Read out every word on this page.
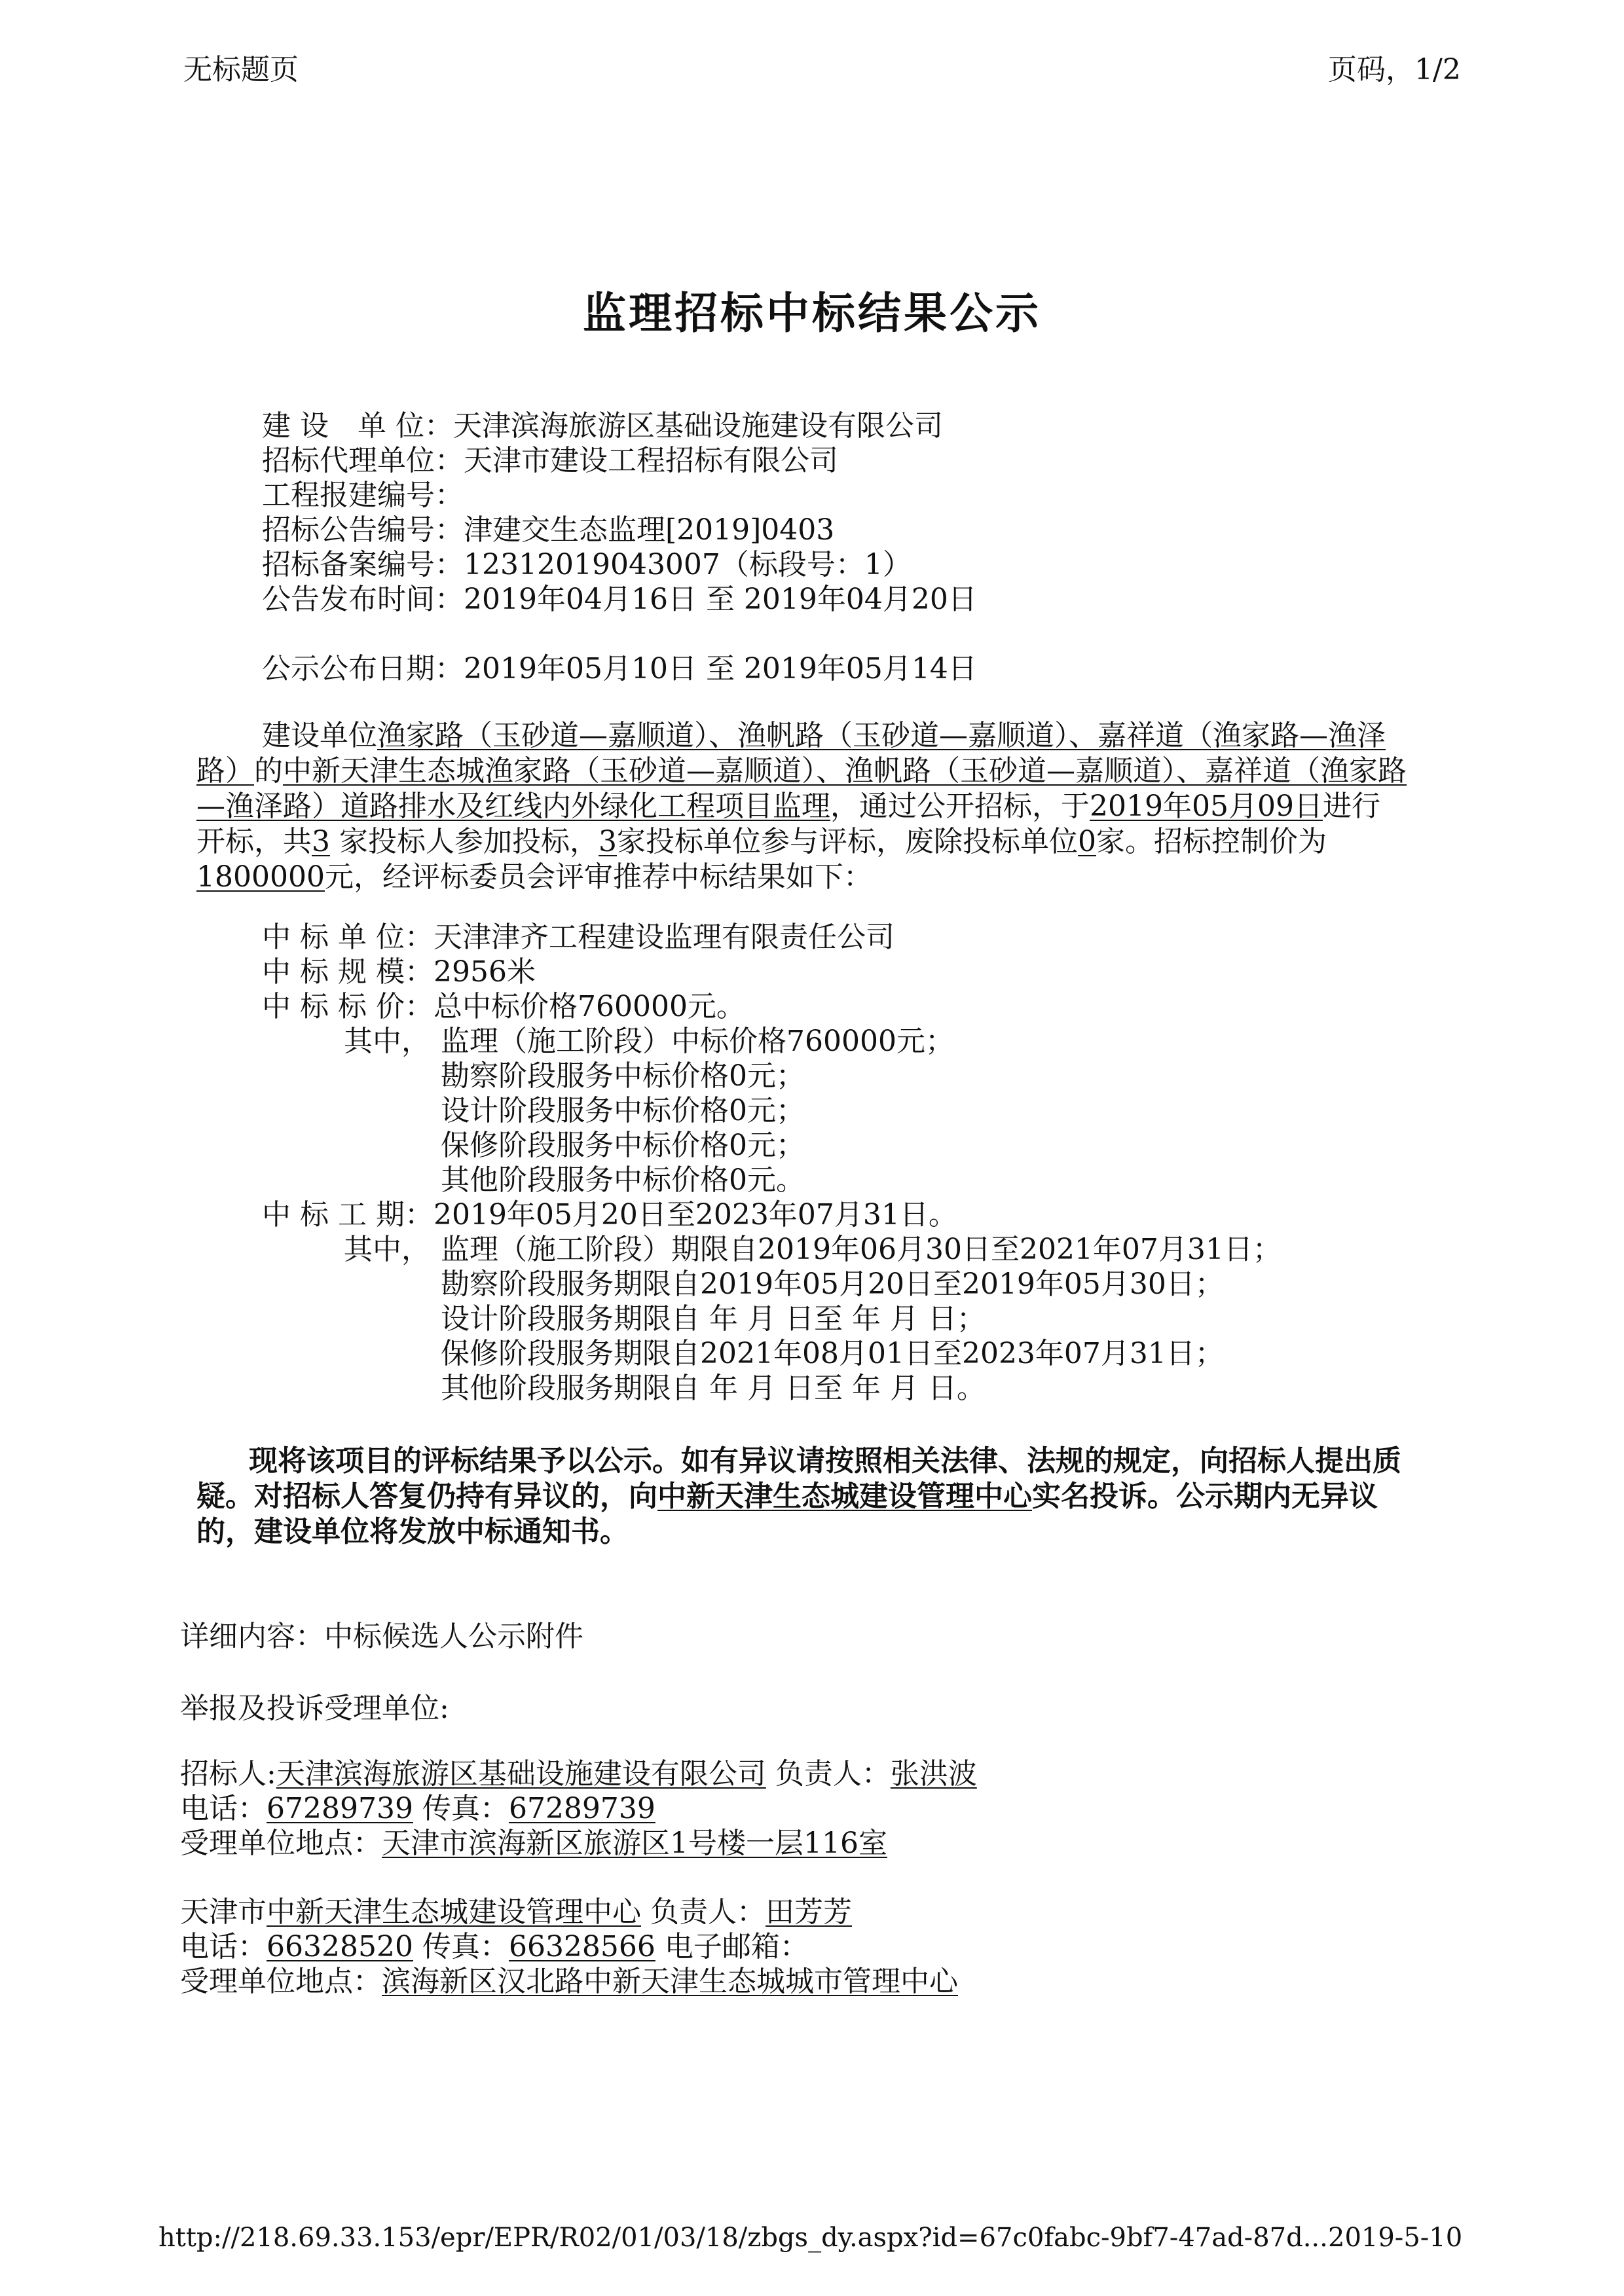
无标题页	页码，1/2
监理招标中标结果公示
建 设　单 位：天津滨海旅游区基础设施建设有限公司
招标代理单位：天津市建设工程招标有限公司
工程报建编号：
招标公告编号：津建交生态监理[2019]0403
招标备案编号：12312019043007（标段号：1）
公告发布时间：2019年04月16日 至 2019年04月20日
公示公布日期：2019年05月10日 至 2019年05月14日
建设单位渔家路（玉砂道—嘉顺道）、渔帆路（玉砂道—嘉顺道）、嘉祥道（渔家路—渔泽路）的中新天津生态城渔家路（玉砂道—嘉顺道）、渔帆路（玉砂道—嘉顺道）、嘉祥道（渔家路—渔泽路）道路排水及红线内外绿化工程项目监理，通过公开招标，于2019年05月09日进行开标，共3 家投标人参加投标，3家投标单位参与评标，废除投标单位0家。招标控制价为1800000元，经评标委员会评审推荐中标结果如下：
中 标 单 位：天津津齐工程建设监理有限责任公司
中 标 规 模：2956米
中 标 标 价：总中标价格760000元。
其中， 监理（施工阶段）中标价格760000元；
勘察阶段服务中标价格0元；
设计阶段服务中标价格0元；
保修阶段服务中标价格0元；
其他阶段服务中标价格0元。
中 标 工 期：2019年05月20日至2023年07月31日。
其中， 监理（施工阶段）期限自2019年06月30日至2021年07月31日；
勘察阶段服务期限自2019年05月20日至2019年05月30日；
设计阶段服务期限自 年 月 日至 年 月 日；
保修阶段服务期限自2021年08月01日至2023年07月31日；
其他阶段服务期限自 年 月 日至 年 月 日。
现将该项目的评标结果予以公示。如有异议请按照相关法律、法规的规定，向招标人提出质疑。对招标人答复仍持有异议的，向中新天津生态城建设管理中心实名投诉。公示期内无异议的，建设单位将发放中标通知书。
详细内容：中标候选人公示附件
举报及投诉受理单位:
招标人:天津滨海旅游区基础设施建设有限公司 负责人：张洪波
电话：67289739 传真：67289739
受理单位地点：天津市滨海新区旅游区1号楼一层116室
天津市中新天津生态城建设管理中心 负责人：田芳芳
电话：66328520 传真：66328566 电子邮箱：
受理单位地点：滨海新区汉北路中新天津生态城城市管理中心
http://218.69.33.153/epr/EPR/R02/01/03/18/zbgs_dy.aspx?id=67c0fabc-9bf7-47ad-87d... 2019-5-10
